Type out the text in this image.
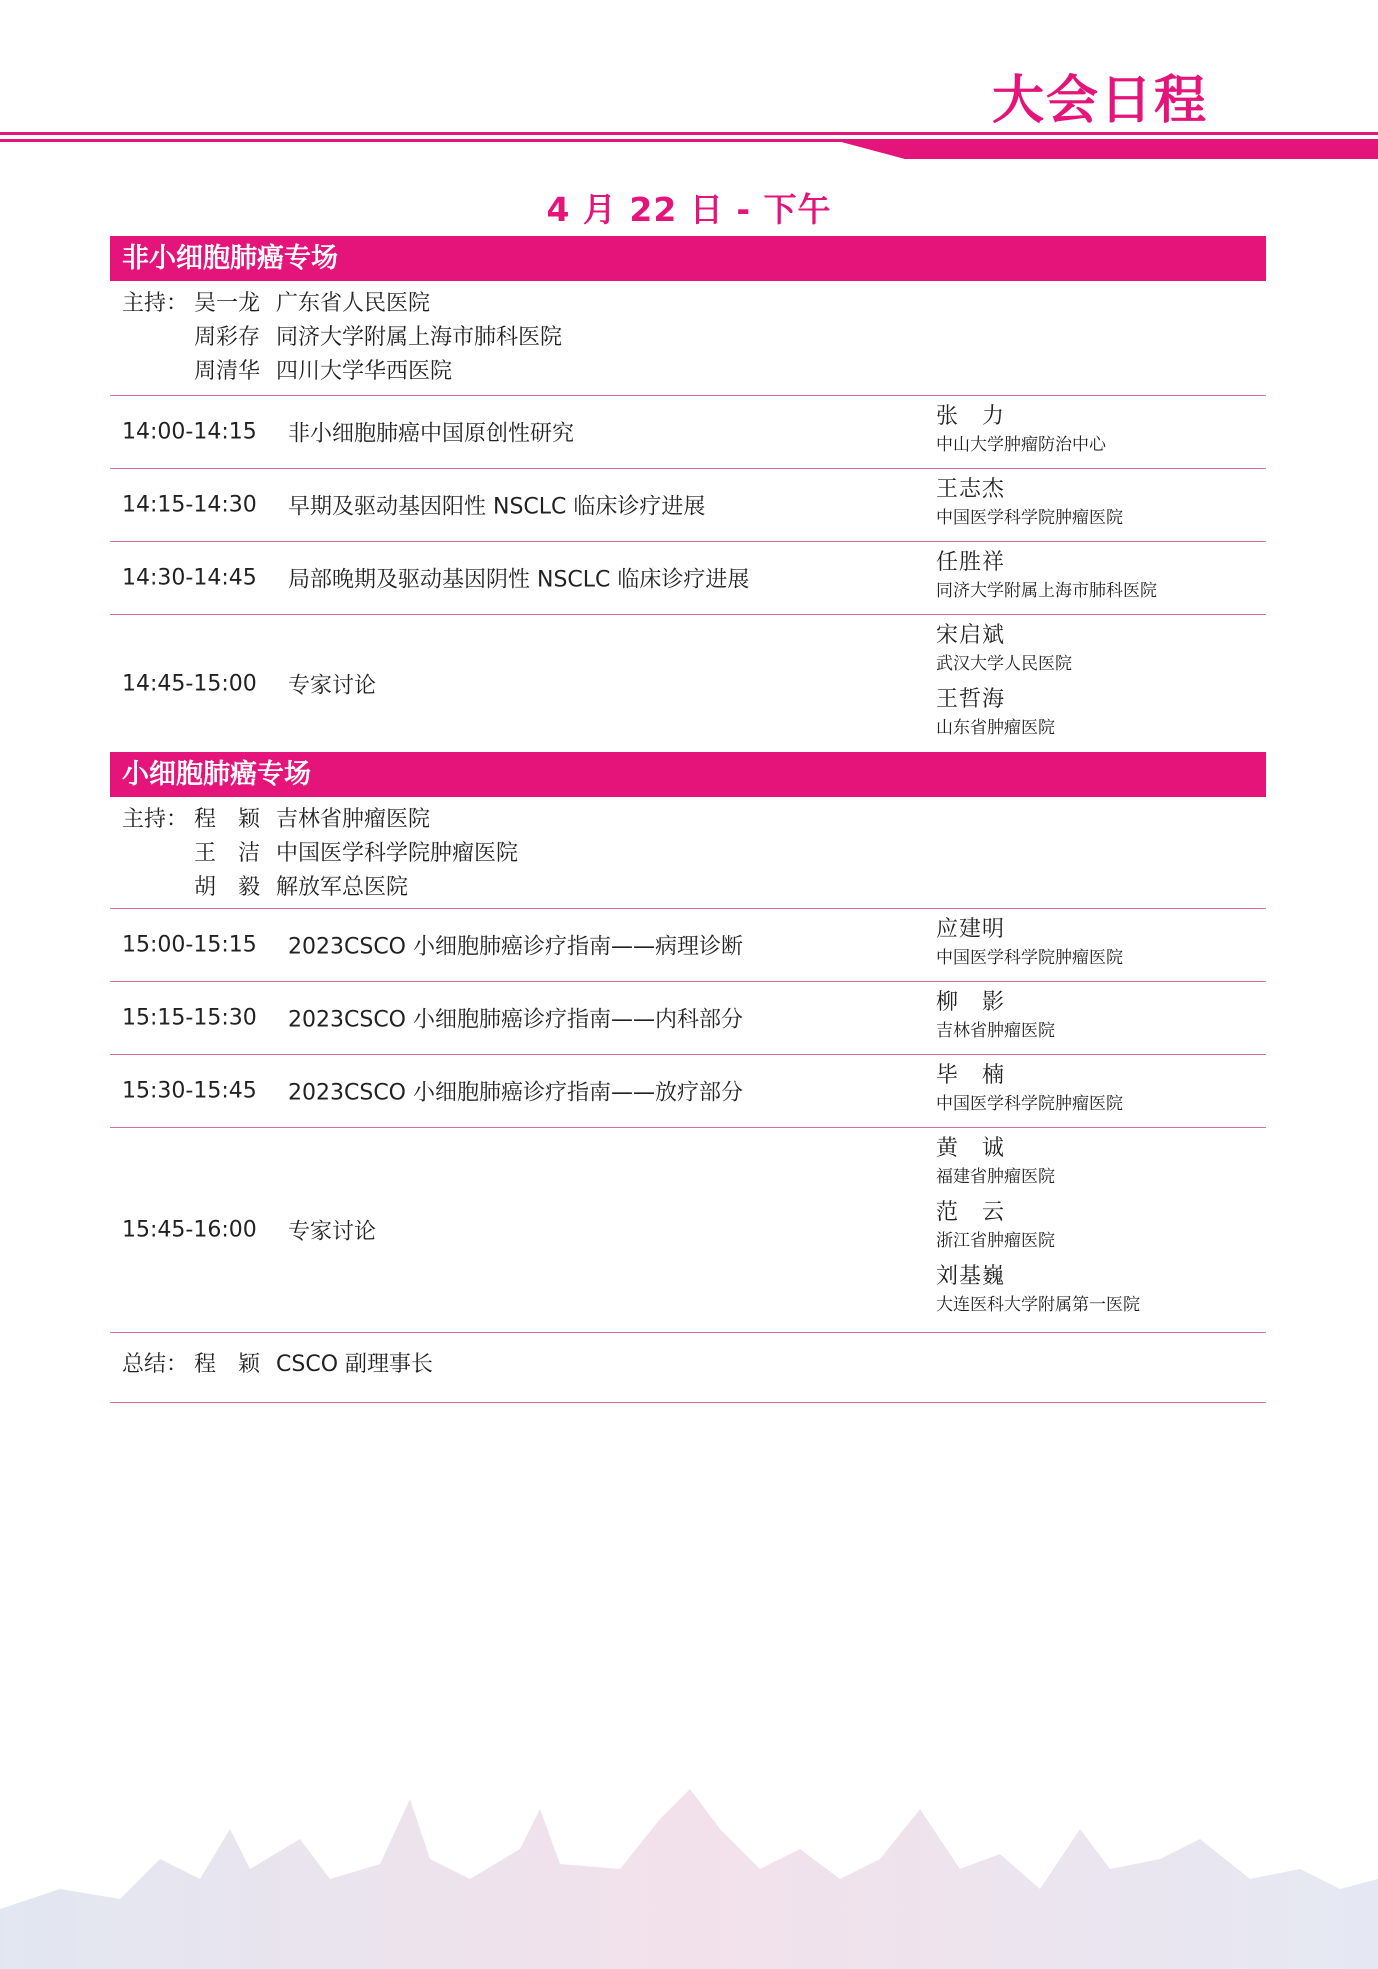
大会日程
4 月 22 日 - 下午
非小细胞肺癌专场
主持： 吴一龙 广东省人民医院
周彩存 同济大学附属上海市肺科医院
周清华 四川大学华西医院
14:00-14:15 非小细胞肺癌中国原创性研究
张　力
中山大学肿瘤防治中心
14:15-14:30 早期及驱动基因阳性 NSCLC 临床诊疗进展
王志杰
中国医学科学院肿瘤医院
14:30-14:45 局部晚期及驱动基因阴性 NSCLC 临床诊疗进展
任胜祥
同济大学附属上海市肺科医院
14:45-15:00 专家讨论
宋启斌
武汉大学人民医院
王哲海
山东省肿瘤医院
小细胞肺癌专场
主持： 程　颖 吉林省肿瘤医院
王　洁 中国医学科学院肿瘤医院
胡　毅 解放军总医院
15:00-15:15 2023CSCO 小细胞肺癌诊疗指南——病理诊断
应建明
中国医学科学院肿瘤医院
15:15-15:30 2023CSCO 小细胞肺癌诊疗指南——内科部分
柳　影
吉林省肿瘤医院
15:30-15:45 2023CSCO 小细胞肺癌诊疗指南——放疗部分
毕　楠
中国医学科学院肿瘤医院
15:45-16:00 专家讨论
黄　诚
福建省肿瘤医院
范　云
浙江省肿瘤医院
刘基巍
大连医科大学附属第一医院
总结： 程　颖 CSCO 副理事长
